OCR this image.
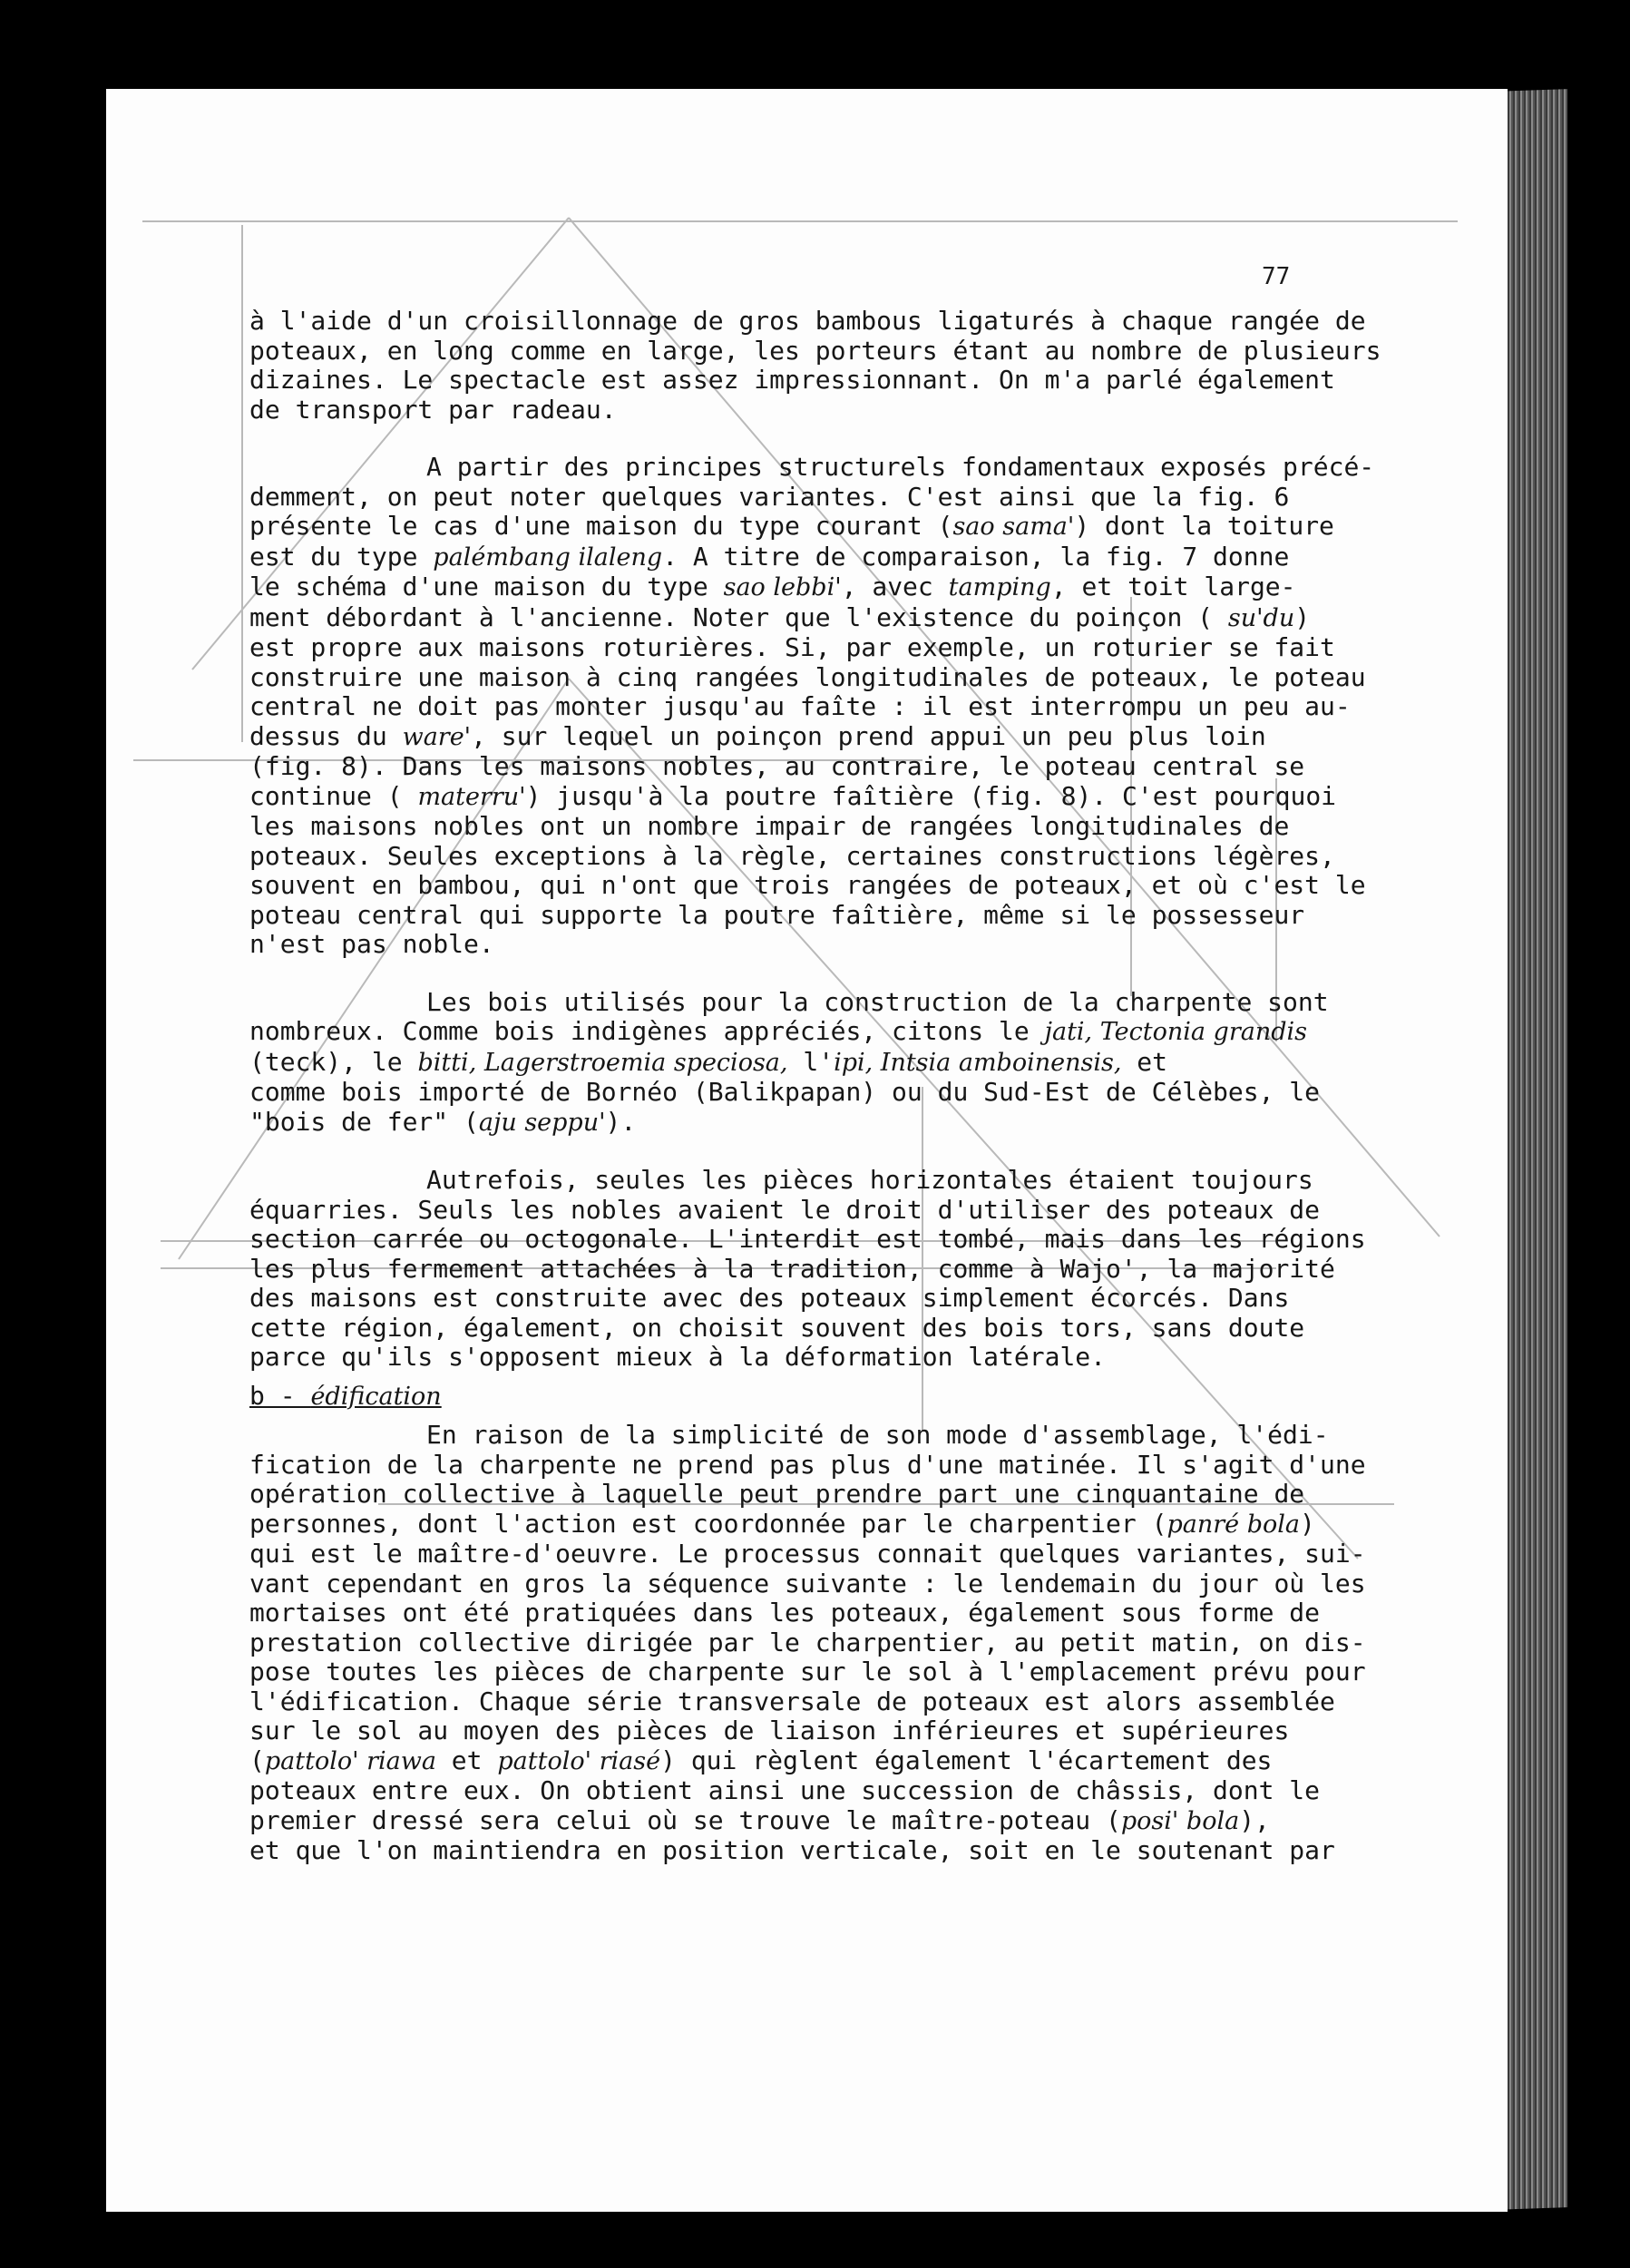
77
à l'aide d'un croisillonnage de gros bambous ligaturés à chaque rangée de
poteaux, en long comme en large, les porteurs étant au nombre de plusieurs
dizaines. Le spectacle est assez impressionnant. On m'a parlé également
de transport par radeau.
A partir des principes structurels fondamentaux exposés précé-
demment, on peut noter quelques variantes. C'est ainsi que la fig. 6
présente le cas d'une maison du type courant (sao sama') dont la toiture
est du type palémbang ilaleng. A titre de comparaison, la fig. 7 donne
le schéma d'une maison du type sao lebbi', avec tamping, et toit large-
ment débordant à l'ancienne. Noter que l'existence du poinçon ( su'du)
est propre aux maisons roturières. Si, par exemple, un roturier se fait
construire une maison à cinq rangées longitudinales de poteaux, le poteau
central ne doit pas monter jusqu'au faîte : il est interrompu un peu au-
dessus du ware', sur lequel un poinçon prend appui un peu plus loin
(fig. 8). Dans les maisons nobles, au contraire, le poteau central se
continue ( materru') jusqu'à la poutre faîtière (fig. 8). C'est pourquoi
les maisons nobles ont un nombre impair de rangées longitudinales de
poteaux. Seules exceptions à la règle, certaines constructions légères,
souvent en bambou, qui n'ont que trois rangées de poteaux, et où c'est le
poteau central qui supporte la poutre faîtière, même si le possesseur
n'est pas noble.
Les bois utilisés pour la construction de la charpente sont
nombreux. Comme bois indigènes appréciés, citons le jati, Tectonia grandis
(teck), le bitti, Lagerstroemia speciosa, l'ipi, Intsia amboinensis, et
comme bois importé de Bornéo (Balikpapan) ou du Sud-Est de Célèbes, le
"bois de fer" (aju seppu').
Autrefois, seules les pièces horizontales étaient toujours
équarries. Seuls les nobles avaient le droit d'utiliser des poteaux de
section carrée ou octogonale. L'interdit est tombé, mais dans les régions
les plus fermement attachées à la tradition, comme à Wajo', la majorité
des maisons est construite avec des poteaux simplement écorcés. Dans
cette région, également, on choisit souvent des bois tors, sans doute
parce qu'ils s'opposent mieux à la déformation latérale.
b - édification
En raison de la simplicité de son mode d'assemblage, l'édi-
fication de la charpente ne prend pas plus d'une matinée. Il s'agit d'une
opération collective à laquelle peut prendre part une cinquantaine de
personnes, dont l'action est coordonnée par le charpentier (panré bola)
qui est le maître-d'oeuvre. Le processus connait quelques variantes, sui-
vant cependant en gros la séquence suivante : le lendemain du jour où les
mortaises ont été pratiquées dans les poteaux, également sous forme de
prestation collective dirigée par le charpentier, au petit matin, on dis-
pose toutes les pièces de charpente sur le sol à l'emplacement prévu pour
l'édification. Chaque série transversale de poteaux est alors assemblée
sur le sol au moyen des pièces de liaison inférieures et supérieures
(pattolo' riawa et pattolo' riasé) qui règlent également l'écartement des
poteaux entre eux. On obtient ainsi une succession de châssis, dont le
premier dressé sera celui où se trouve le maître-poteau (posi' bola),
et que l'on maintiendra en position verticale, soit en le soutenant par
